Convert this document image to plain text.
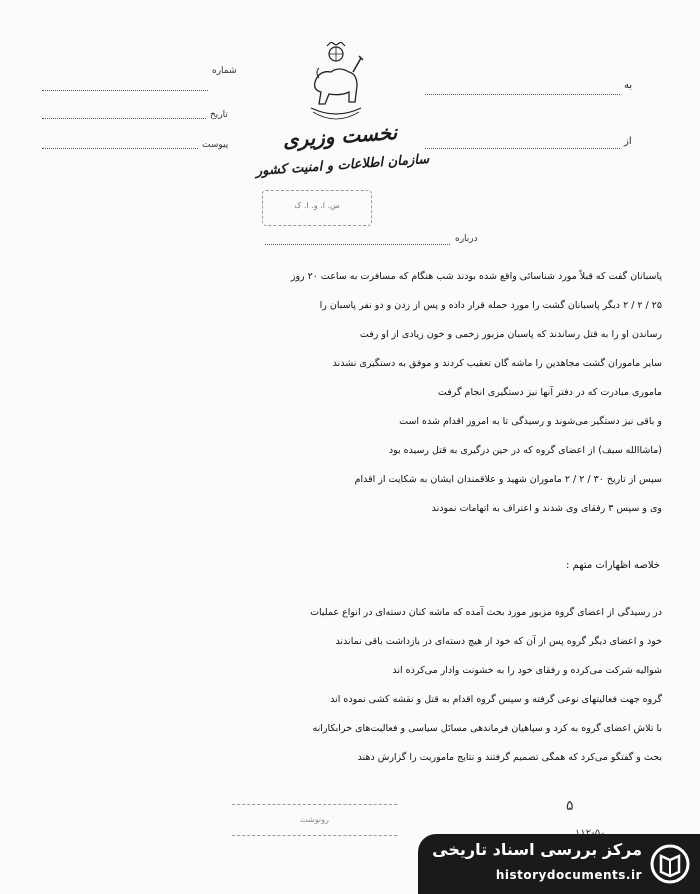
شماره
تاریخ
پیوست
به
از
نخست وزیری
سازمان اطلاعات و امنیت کشور
س. ا. و. ا. ک
درباره

پاسبانان گفت که قبلاً مورد شناسائی واقع شده بودند شب هنگام که مسافرت به ساعت ۲۰ روز

۲۵ / ۲ / ۲ دیگر پاسبانان گشت را مورد حمله قرار داده و پس از زدن و دو نفر پاسبان را

رساندن او را به قتل رساندند که پاسبان مزبور زخمی و خون زیادی از او رفت

سایر ماموران گشت مجاهدین را ماشه گان تعقیب کردند و موفق به دستگیری نشدند

ماموری مبادرت که در دفتر آنها نیز دستگیری انجام گرفت

و باقی نیز دستگیر می‌شوند و رسیدگی تا به امروز اقدام شده است

(ماشاالله سیف) از اعضای گروه که در حین درگیری به قتل رسیده بود

سپس از تاریخ ۳۰ / ۲ / ۲ ماموران شهید و علاقمندان ایشان به شکایت از اقدام

وی و سپس ۳ رفقای وی شدند و اعتراف به اتهامات نمودند

خلاصه اظهارات متهم :

در رسیدگی از اعضای گروه مزبور مورد بحث آمده که ماشه کنان دسته‌ای در انواع عملیات

خود و اعضای دیگر گروه پس از آن که خود از هیچ دسته‌ای در بازداشت باقی نماندند

شوالیه شرکت می‌کرده و رفقای خود را به خشونت وادار می‌کرده اند

گروه جهت فعالیتهای نوعی گرفته و سپس گروه اقدام به قتل و نقشه کشی نموده اند

با تلاش اعضای گروه به کرد و سپاهیان فرماندهی مسائل سیاسی و فعالیت‌های خرابکارانه

بحث و گفتگو می‌کرد که همگی تصمیم گرفتند و نتایج ماموریت را گزارش دهند

۵
رونوشت
مرکز بررسی اسناد تاریخی
historydocuments.ir
